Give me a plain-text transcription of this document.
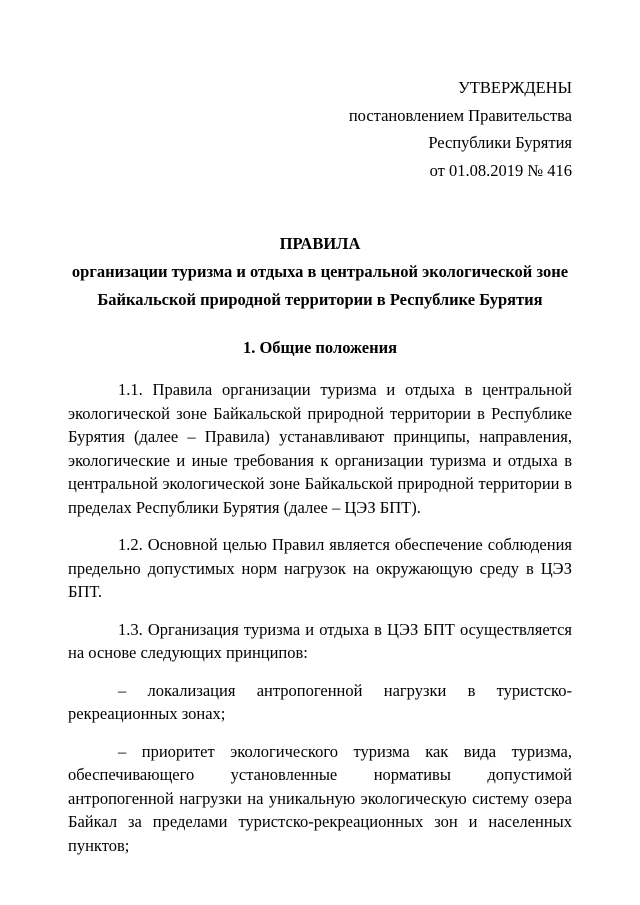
УТВЕРЖДЕНЫ
постановлением Правительства
Республики Бурятия
от 01.08.2019 № 416
ПРАВИЛА
организации туризма и отдыха в центральной экологической зоне
Байкальской природной территории в Республике Бурятия
1. Общие положения

1.1. Правила организации туризма и отдыха в центральной экологической зоне Байкальской природной территории в Республике Бурятия (далее – Правила) устанавливают принципы, направления, экологические и иные требования к организации туризма и отдыха в центральной экологической зоне Байкальской природной территории в пределах Республики Бурятия (далее – ЦЭЗ БПТ).

1.2. Основной целью Правил является обеспечение соблюдения предельно допустимых норм нагрузок на окружающую среду в ЦЭЗ БПТ.

1.3. Организация туризма и отдыха в ЦЭЗ БПТ осуществляется на основе следующих принципов:

– локализация антропогенной нагрузки в туристско-рекреационных зонах;

– приоритет экологического туризма как вида туризма, обеспечивающего установленные нормативы допустимой антропогенной нагрузки на уникальную экологическую систему озера Байкал за пределами туристско-рекреационных зон и населенных пунктов;
